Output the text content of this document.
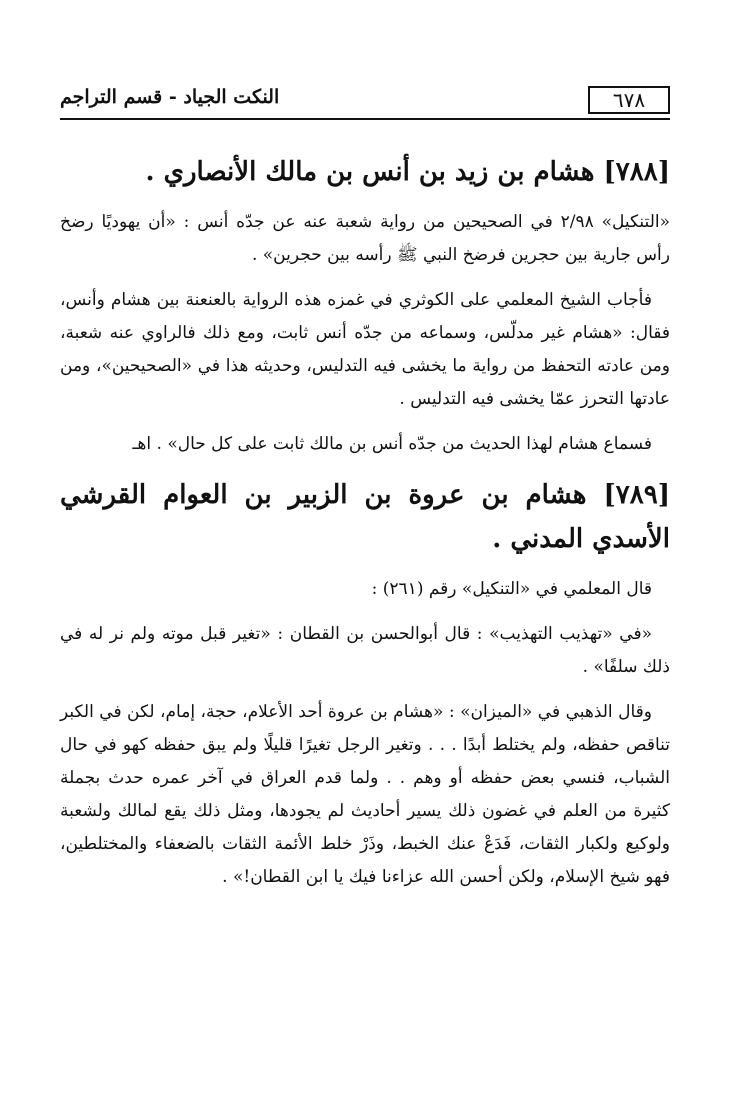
٦٧٨
النكت الجياد - قسم التراجم
[٧٨٨] هشام بن زيد بن أنس بن مالك الأنصاري .

«التنكيل» ٢/٩٨ في الصحيحين من رواية شعبة عنه عن جدّه أنس : «أن يهوديًا رضخ رأس جارية بين حجرين فرضخ النبي ﷺ رأسه بين حجرين» .

فأجاب الشيخ المعلمي على الكوثري في غمزه هذه الرواية بالعنعنة بين هشام وأنس، فقال: «هشام غير مدلّس، وسماعه من جدّه أنس ثابت، ومع ذلك فالراوي عنه شعبة، ومن عادته التحفظ من رواية ما يخشى فيه التدليس، وحديثه هذا في «الصحيحين»، ومن عادتها التحرز عمّا يخشى فيه التدليس .

فسماع هشام لهذا الحديث من جدّه أنس بن مالك ثابت على كل حال» . اهـ

[٧٨٩] هشام بن عروة بن الزبير بن العوام القرشي الأسدي المدني .

قال المعلمي في «التنكيل» رقم (٢٦١) :

«في «تهذيب التهذيب» : قال أبوالحسن بن القطان : «تغير قبل موته ولم نر له في ذلك سلفًا» .

وقال الذهبي في «الميزان» : «هشام بن عروة أحد الأعلام، حجة، إمام، لكن في الكبر تناقص حفظه، ولم يختلط أبدًا . . . وتغير الرجل تغيرًا قليلًا ولم يبق حفظه كهو في حال الشباب، فنسي بعض حفظه أو وهم . . ولما قدم العراق في آخر عمره حدث بجملة كثيرة من العلم في غضون ذلك يسير أحاديث لم يجودها، ومثل ذلك يقع لمالك ولشعبة ولوكيع ولكبار الثقات، فَدَعْ عنك الخبط، وذَرْ خلط الأئمة الثقات بالضعفاء والمختلطين، فهو شيخ الإسلام، ولكن أحسن الله عزاءنا فيك يا ابن القطان!» .
